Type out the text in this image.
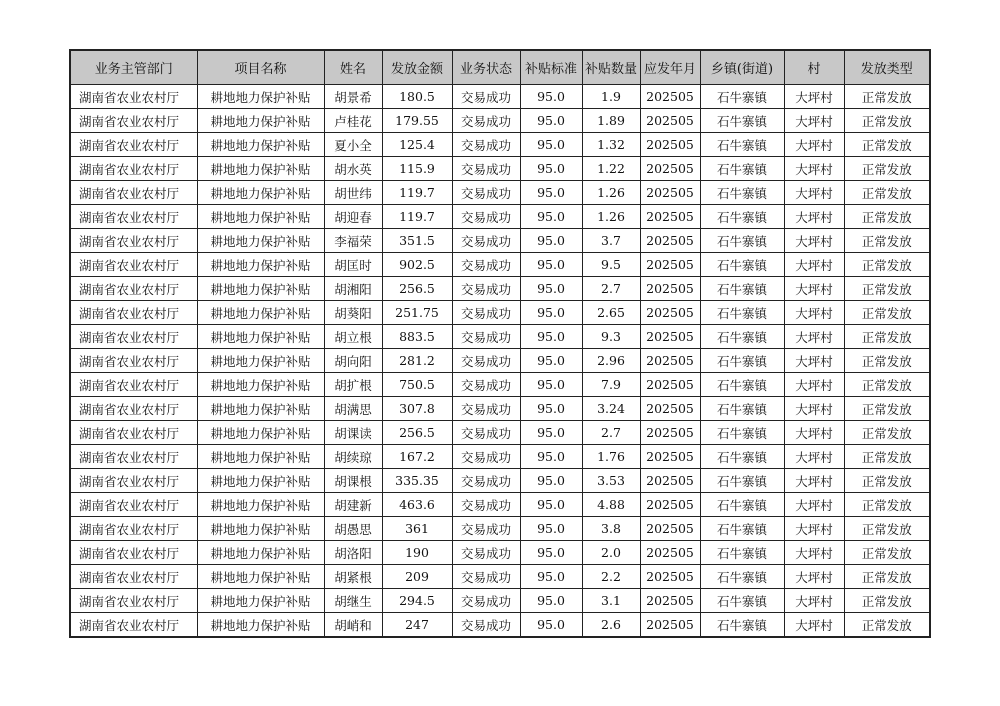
业务主管部门	项目名称	姓名	发放金额	业务状态	补贴标准	补贴数量	应发年月	乡镇(街道)	村	发放类型
湖南省农业农村厅	耕地地力保护补贴	胡景希	180.5	交易成功	95.0	1.9	202505	石牛寨镇	大坪村	正常发放
湖南省农业农村厅	耕地地力保护补贴	卢桂花	179.55	交易成功	95.0	1.89	202505	石牛寨镇	大坪村	正常发放
湖南省农业农村厅	耕地地力保护补贴	夏小全	125.4	交易成功	95.0	1.32	202505	石牛寨镇	大坪村	正常发放
湖南省农业农村厅	耕地地力保护补贴	胡水英	115.9	交易成功	95.0	1.22	202505	石牛寨镇	大坪村	正常发放
湖南省农业农村厅	耕地地力保护补贴	胡世纬	119.7	交易成功	95.0	1.26	202505	石牛寨镇	大坪村	正常发放
湖南省农业农村厅	耕地地力保护补贴	胡迎春	119.7	交易成功	95.0	1.26	202505	石牛寨镇	大坪村	正常发放
湖南省农业农村厅	耕地地力保护补贴	李福荣	351.5	交易成功	95.0	3.7	202505	石牛寨镇	大坪村	正常发放
湖南省农业农村厅	耕地地力保护补贴	胡匡时	902.5	交易成功	95.0	9.5	202505	石牛寨镇	大坪村	正常发放
湖南省农业农村厅	耕地地力保护补贴	胡湘阳	256.5	交易成功	95.0	2.7	202505	石牛寨镇	大坪村	正常发放
湖南省农业农村厅	耕地地力保护补贴	胡葵阳	251.75	交易成功	95.0	2.65	202505	石牛寨镇	大坪村	正常发放
湖南省农业农村厅	耕地地力保护补贴	胡立根	883.5	交易成功	95.0	9.3	202505	石牛寨镇	大坪村	正常发放
湖南省农业农村厅	耕地地力保护补贴	胡向阳	281.2	交易成功	95.0	2.96	202505	石牛寨镇	大坪村	正常发放
湖南省农业农村厅	耕地地力保护补贴	胡扩根	750.5	交易成功	95.0	7.9	202505	石牛寨镇	大坪村	正常发放
湖南省农业农村厅	耕地地力保护补贴	胡满思	307.8	交易成功	95.0	3.24	202505	石牛寨镇	大坪村	正常发放
湖南省农业农村厅	耕地地力保护补贴	胡课读	256.5	交易成功	95.0	2.7	202505	石牛寨镇	大坪村	正常发放
湖南省农业农村厅	耕地地力保护补贴	胡续琼	167.2	交易成功	95.0	1.76	202505	石牛寨镇	大坪村	正常发放
湖南省农业农村厅	耕地地力保护补贴	胡课根	335.35	交易成功	95.0	3.53	202505	石牛寨镇	大坪村	正常发放
湖南省农业农村厅	耕地地力保护补贴	胡建新	463.6	交易成功	95.0	4.88	202505	石牛寨镇	大坪村	正常发放
湖南省农业农村厅	耕地地力保护补贴	胡愚思	361	交易成功	95.0	3.8	202505	石牛寨镇	大坪村	正常发放
湖南省农业农村厅	耕地地力保护补贴	胡洛阳	190	交易成功	95.0	2.0	202505	石牛寨镇	大坪村	正常发放
湖南省农业农村厅	耕地地力保护补贴	胡紧根	209	交易成功	95.0	2.2	202505	石牛寨镇	大坪村	正常发放
湖南省农业农村厅	耕地地力保护补贴	胡继生	294.5	交易成功	95.0	3.1	202505	石牛寨镇	大坪村	正常发放
湖南省农业农村厅	耕地地力保护补贴	胡峭和	247	交易成功	95.0	2.6	202505	石牛寨镇	大坪村	正常发放
